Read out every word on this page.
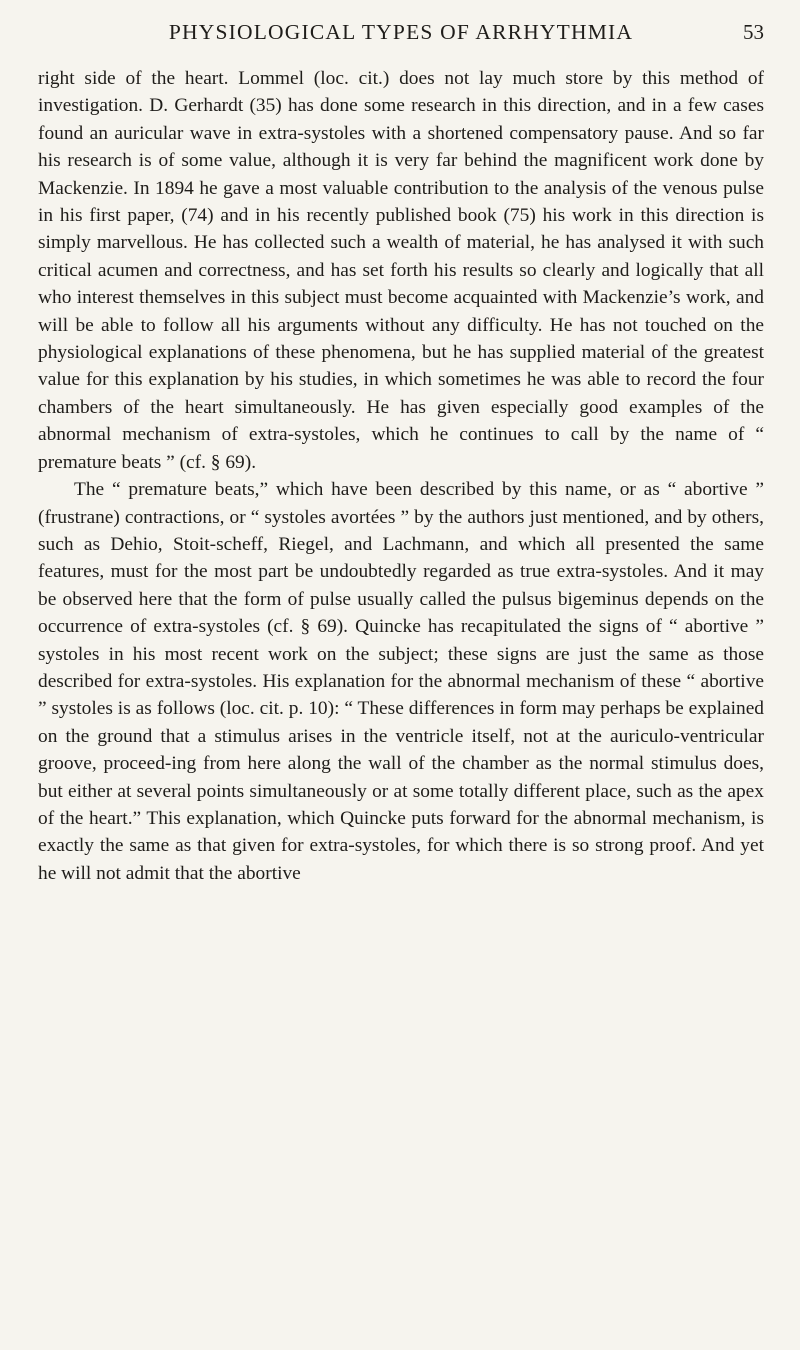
PHYSIOLOGICAL TYPES OF ARRHYTHMIA	53

right side of the heart. Lommel (loc. cit.) does not lay much store by this method of investigation. D. Gerhardt (35) has done some research in this direction, and in a few cases found an auricular wave in extra-systoles with a shortened compensatory pause. And so far his research is of some value, although it is very far behind the magnificent work done by Mackenzie. In 1894 he gave a most valuable contribution to the analysis of the venous pulse in his first paper, (74) and in his recently published book (75) his work in this direction is simply marvellous. He has collected such a wealth of material, he has analysed it with such critical acumen and correctness, and has set forth his results so clearly and logically that all who interest themselves in this subject must become acquainted with Mackenzie’s work, and will be able to follow all his arguments without any difficulty. He has not touched on the physiological explanations of these phenomena, but he has supplied material of the greatest value for this explanation by his studies, in which sometimes he was able to record the four chambers of the heart simultaneously. He has given especially good examples of the abnormal mechanism of extra-systoles, which he continues to call by the name of “ premature beats ” (cf. § 69).

The “ premature beats,” which have been described by this name, or as “ abortive ” (frustrane) contractions, or “ systoles avortées ” by the authors just mentioned, and by others, such as Dehio, Stoit-scheff, Riegel, and Lachmann, and which all presented the same features, must for the most part be undoubtedly regarded as true extra-systoles. And it may be observed here that the form of pulse usually called the pulsus bigeminus depends on the occurrence of extra-systoles (cf. § 69). Quincke has recapitulated the signs of “ abortive ” systoles in his most recent work on the subject; these signs are just the same as those described for extra-systoles. His explanation for the abnormal mechanism of these “ abortive ” systoles is as follows (loc. cit. p. 10): “ These differences in form may perhaps be explained on the ground that a stimulus arises in the ventricle itself, not at the auriculo-ventricular groove, proceed-ing from here along the wall of the chamber as the normal stimulus does, but either at several points simultaneously or at some totally different place, such as the apex of the heart.” This explanation, which Quincke puts forward for the abnormal mechanism, is exactly the same as that given for extra-systoles, for which there is so strong proof. And yet he will not admit that the abortive
